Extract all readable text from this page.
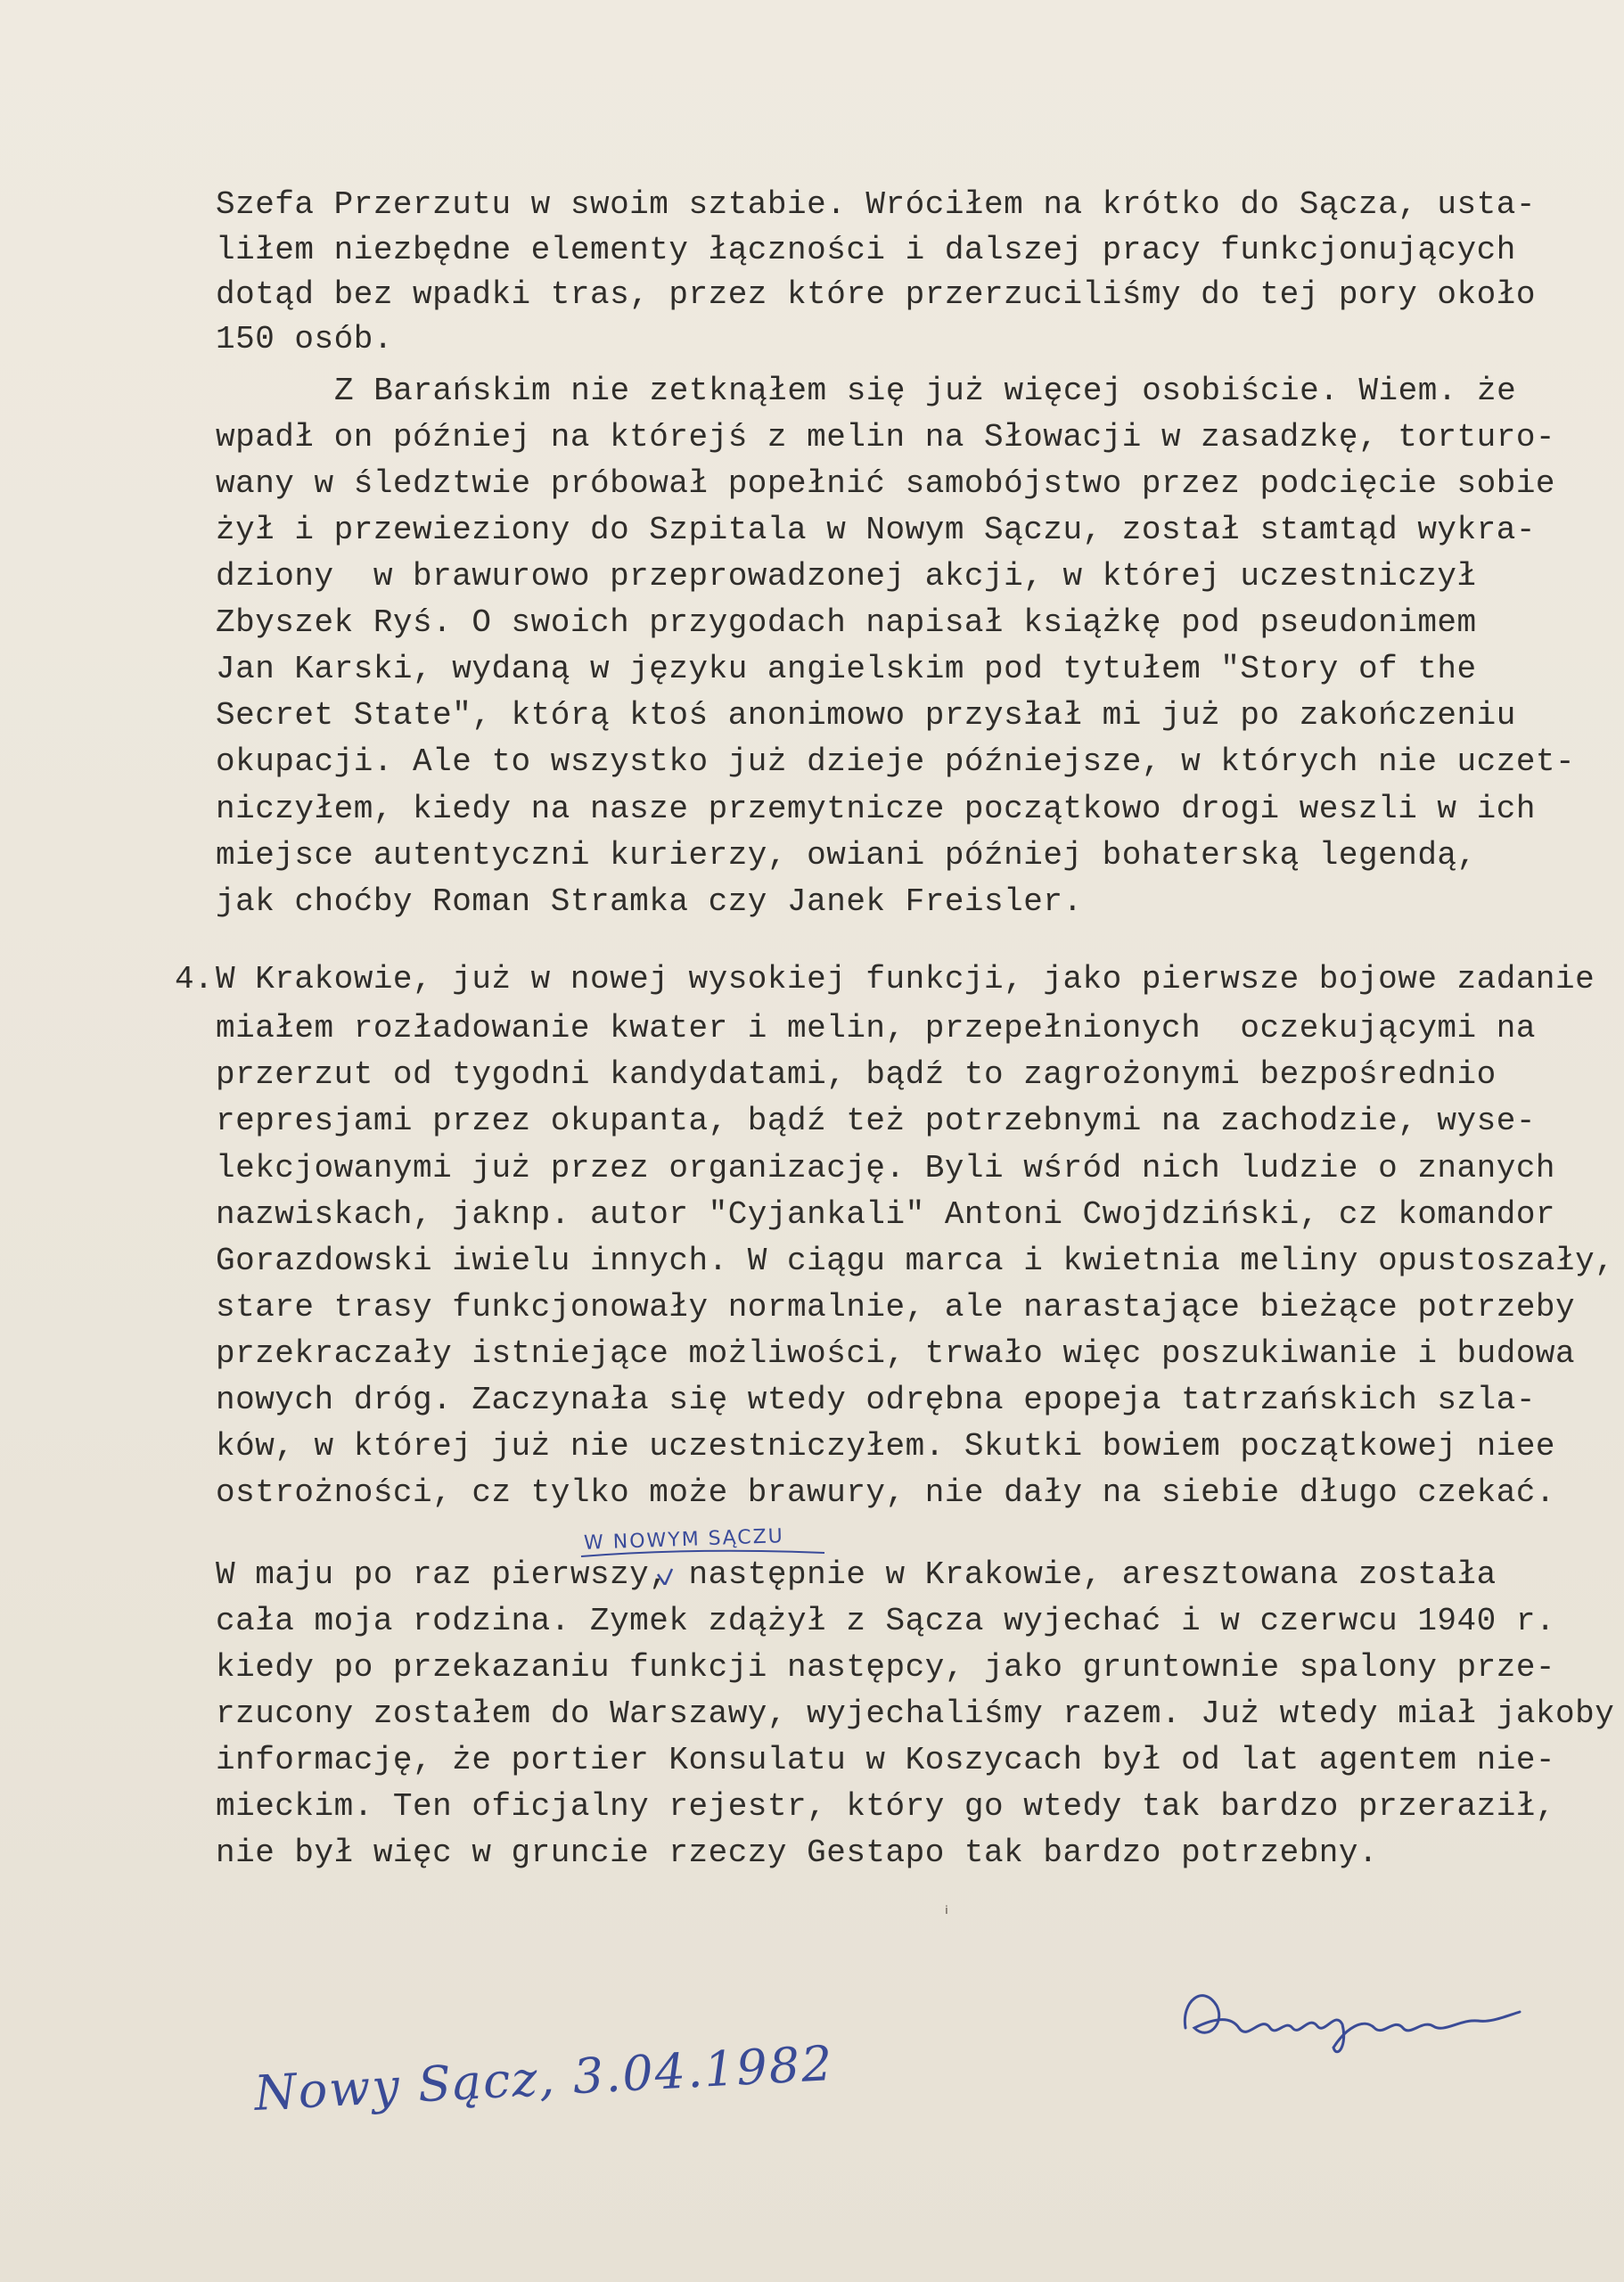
Szefa Przerzutu w swoim sztabie. Wróciłem na krótko do Sącza, usta-
liłem niezbędne elementy łączności i dalszej pracy funkcjonujących
dotąd bez wpadki tras, przez które przerzuciliśmy do tej pory około
150 osób.
Z Barańskim nie zetknąłem się już więcej osobiście. Wiem. że
wpadł on później na którejś z melin na Słowacji w zasadzkę, torturo-
wany w śledztwie próbował popełnić samobójstwo przez podcięcie sobie
żył i przewieziony do Szpitala w Nowym Sączu, został stamtąd wykra-
dziony  w brawurowo przeprowadzonej akcji, w której uczestniczył
Zbyszek Ryś. O swoich przygodach napisał książkę pod pseudonimem
Jan Karski, wydaną w języku angielskim pod tytułem "Story of the
Secret State", którą ktoś anonimowo przysłał mi już po zakończeniu
okupacji. Ale to wszystko już dzieje późniejsze, w których nie uczet-
niczyłem, kiedy na nasze przemytnicze początkowo drogi weszli w ich
miejsce autentyczni kurierzy, owiani później bohaterską legendą,
jak choćby Roman Stramka czy Janek Freisler.
4. W Krakowie, już w nowej wysokiej funkcji, jako pierwsze bojowe zadanie
miałem rozładowanie kwater i melin, przepełnionych  oczekującymi na
przerzut od tygodni kandydatami, bądź to zagrożonymi bezpośrednio
represjami przez okupanta, bądź też potrzebnymi na zachodzie, wyse-
lekcjowanymi już przez organizację. Byli wśród nich ludzie o znanych
nazwiskach, jaknp. autor "Cyjankali" Antoni Cwojdziński, cz komandor
Gorazdowski iwielu innych. W ciągu marca i kwietnia meliny opustoszały,
stare trasy funkcjonowały normalnie, ale narastające bieżące potrzeby
przekraczały istniejące możliwości, trwało więc poszukiwanie i budowa
nowych dróg. Zaczynała się wtedy odrębna epopeja tatrzańskich szla-
ków, w której już nie uczestniczyłem. Skutki bowiem początkowej niee
ostrożności, cz tylko może brawury, nie dały na siebie długo czekać.
W maju po raz pierwszy, następnie w Krakowie, aresztowana została
cała moja rodzina. Zymek zdążył z Sącza wyjechać i w czerwcu 1940 r.
kiedy po przekazaniu funkcji następcy, jako gruntownie spalony prze-
rzucony zostałem do Warszawy, wyjechaliśmy razem. Już wtedy miał jakoby
informację, że portier Konsulatu w Koszycach był od lat agentem nie-
mieckim. Ten oficjalny rejestr, który go wtedy tak bardzo przeraził,
nie był więc w gruncie rzeczy Gestapo tak bardzo potrzebny.
W NOWYM SĄCZU
ⁱ
Nowy Sącz, 3.04.1982
